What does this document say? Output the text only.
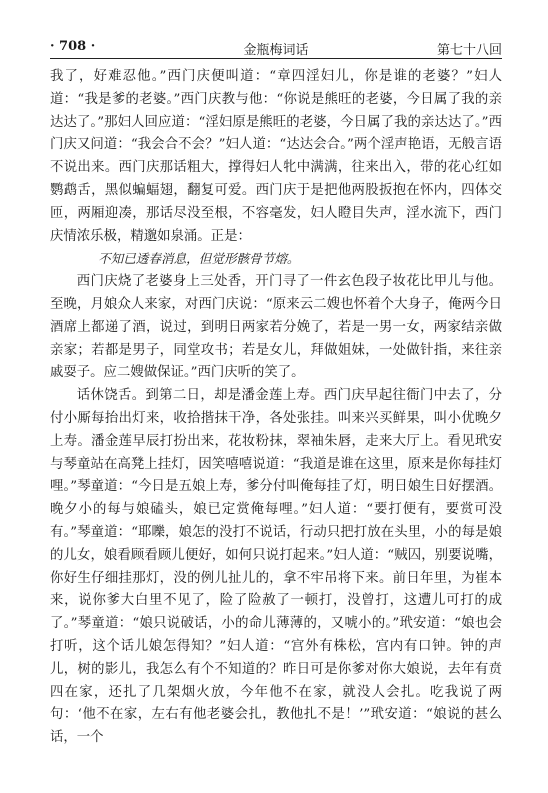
· 708 ·	金瓶梅词话	第七十八回

我了，好难忍他。”西门庆便叫道：“章四淫妇儿，你是谁的老婆？”妇人道：“我是爹的老婆。”西门庆教与他：“你说是熊旺的老婆，今日属了我的亲达达了。”那妇人回应道：“淫妇原是熊旺的老婆，今日属了我的亲达达了。”西门庆又问道：“我会合不会？”妇人道：“达达会合。”两个淫声艳语，无般言语不说出来。西门庆那话粗大，撑得妇人牝中满满，往来出入，带的花心红如鹦鹉舌，黑似蝙蝠翅，翻复可爱。西门庆于是把他两股扳抱在怀内，四体交匝，两厢迎凑，那话尽没至根，不容毫发，妇人瞪目失声，淫水流下，西门庆情浓乐极，精邈如泉涌。正是：

不知已透春消息，但觉形骸骨节熔。

西门庆烧了老婆身上三处香，开门寻了一件玄色段子妆花比甲儿与他。至晚，月娘众人来家，对西门庆说：“原来云二嫂也怀着个大身子，俺两今日酒席上都递了酒，说过，到明日两家若分娩了，若是一男一女，两家结亲做亲家；若都是男子，同堂攻书；若是女儿，拜做姐妹，一处做针指，来往亲戚耍子。应二嫂做保证。”西门庆听的笑了。

话休饶舌。到第二日，却是潘金莲上寿。西门庆早起往衙门中去了，分付小厮每抬出灯来，收拾揩抹干净，各处张挂。叫来兴买鲜果，叫小优晚夕上寿。潘金莲早辰打扮出来，花妆粉抹，翠袖朱唇，走来大厅上。看见玳安与琴童站在高凳上挂灯，因笑嘻嘻说道：“我道是谁在这里，原来是你每挂灯哩。”琴童道：“今日是五娘上寿，爹分付叫俺每挂了灯，明日娘生日好摆酒。晚夕小的每与娘磕头，娘已定赏俺每哩。”妇人道：“要打便有，要赏可没有。”琴童道：“耶嚛，娘怎的没打不说话，行动只把打放在头里，小的每是娘的儿女，娘看顾看顾儿便好，如何只说打起来。”妇人道：“贼囚，别要说嘴，你好生仔细挂那灯，没的例儿扯儿的，拿不牢吊将下来。前日年里，为崔本来，说你爹大白里不见了，险了险赦了一顿打，没曾打，这遭儿可打的成了。”琴童道：“娘只说破话，小的命儿薄薄的，又唬小的。”玳安道：“娘也会打听，这个话儿娘怎得知？”妇人道：“宫外有株松，宫内有口钟。钟的声儿，树的影儿，我怎么有个不知道的？昨日可是你爹对你大娘说，去年有贲四在家，还扎了几架烟火放，今年他不在家，就没人会扎。吃我说了两句：‘他不在家，左右有他老婆会扎，教他扎不是！’”玳安道：“娘说的甚么话，一个
